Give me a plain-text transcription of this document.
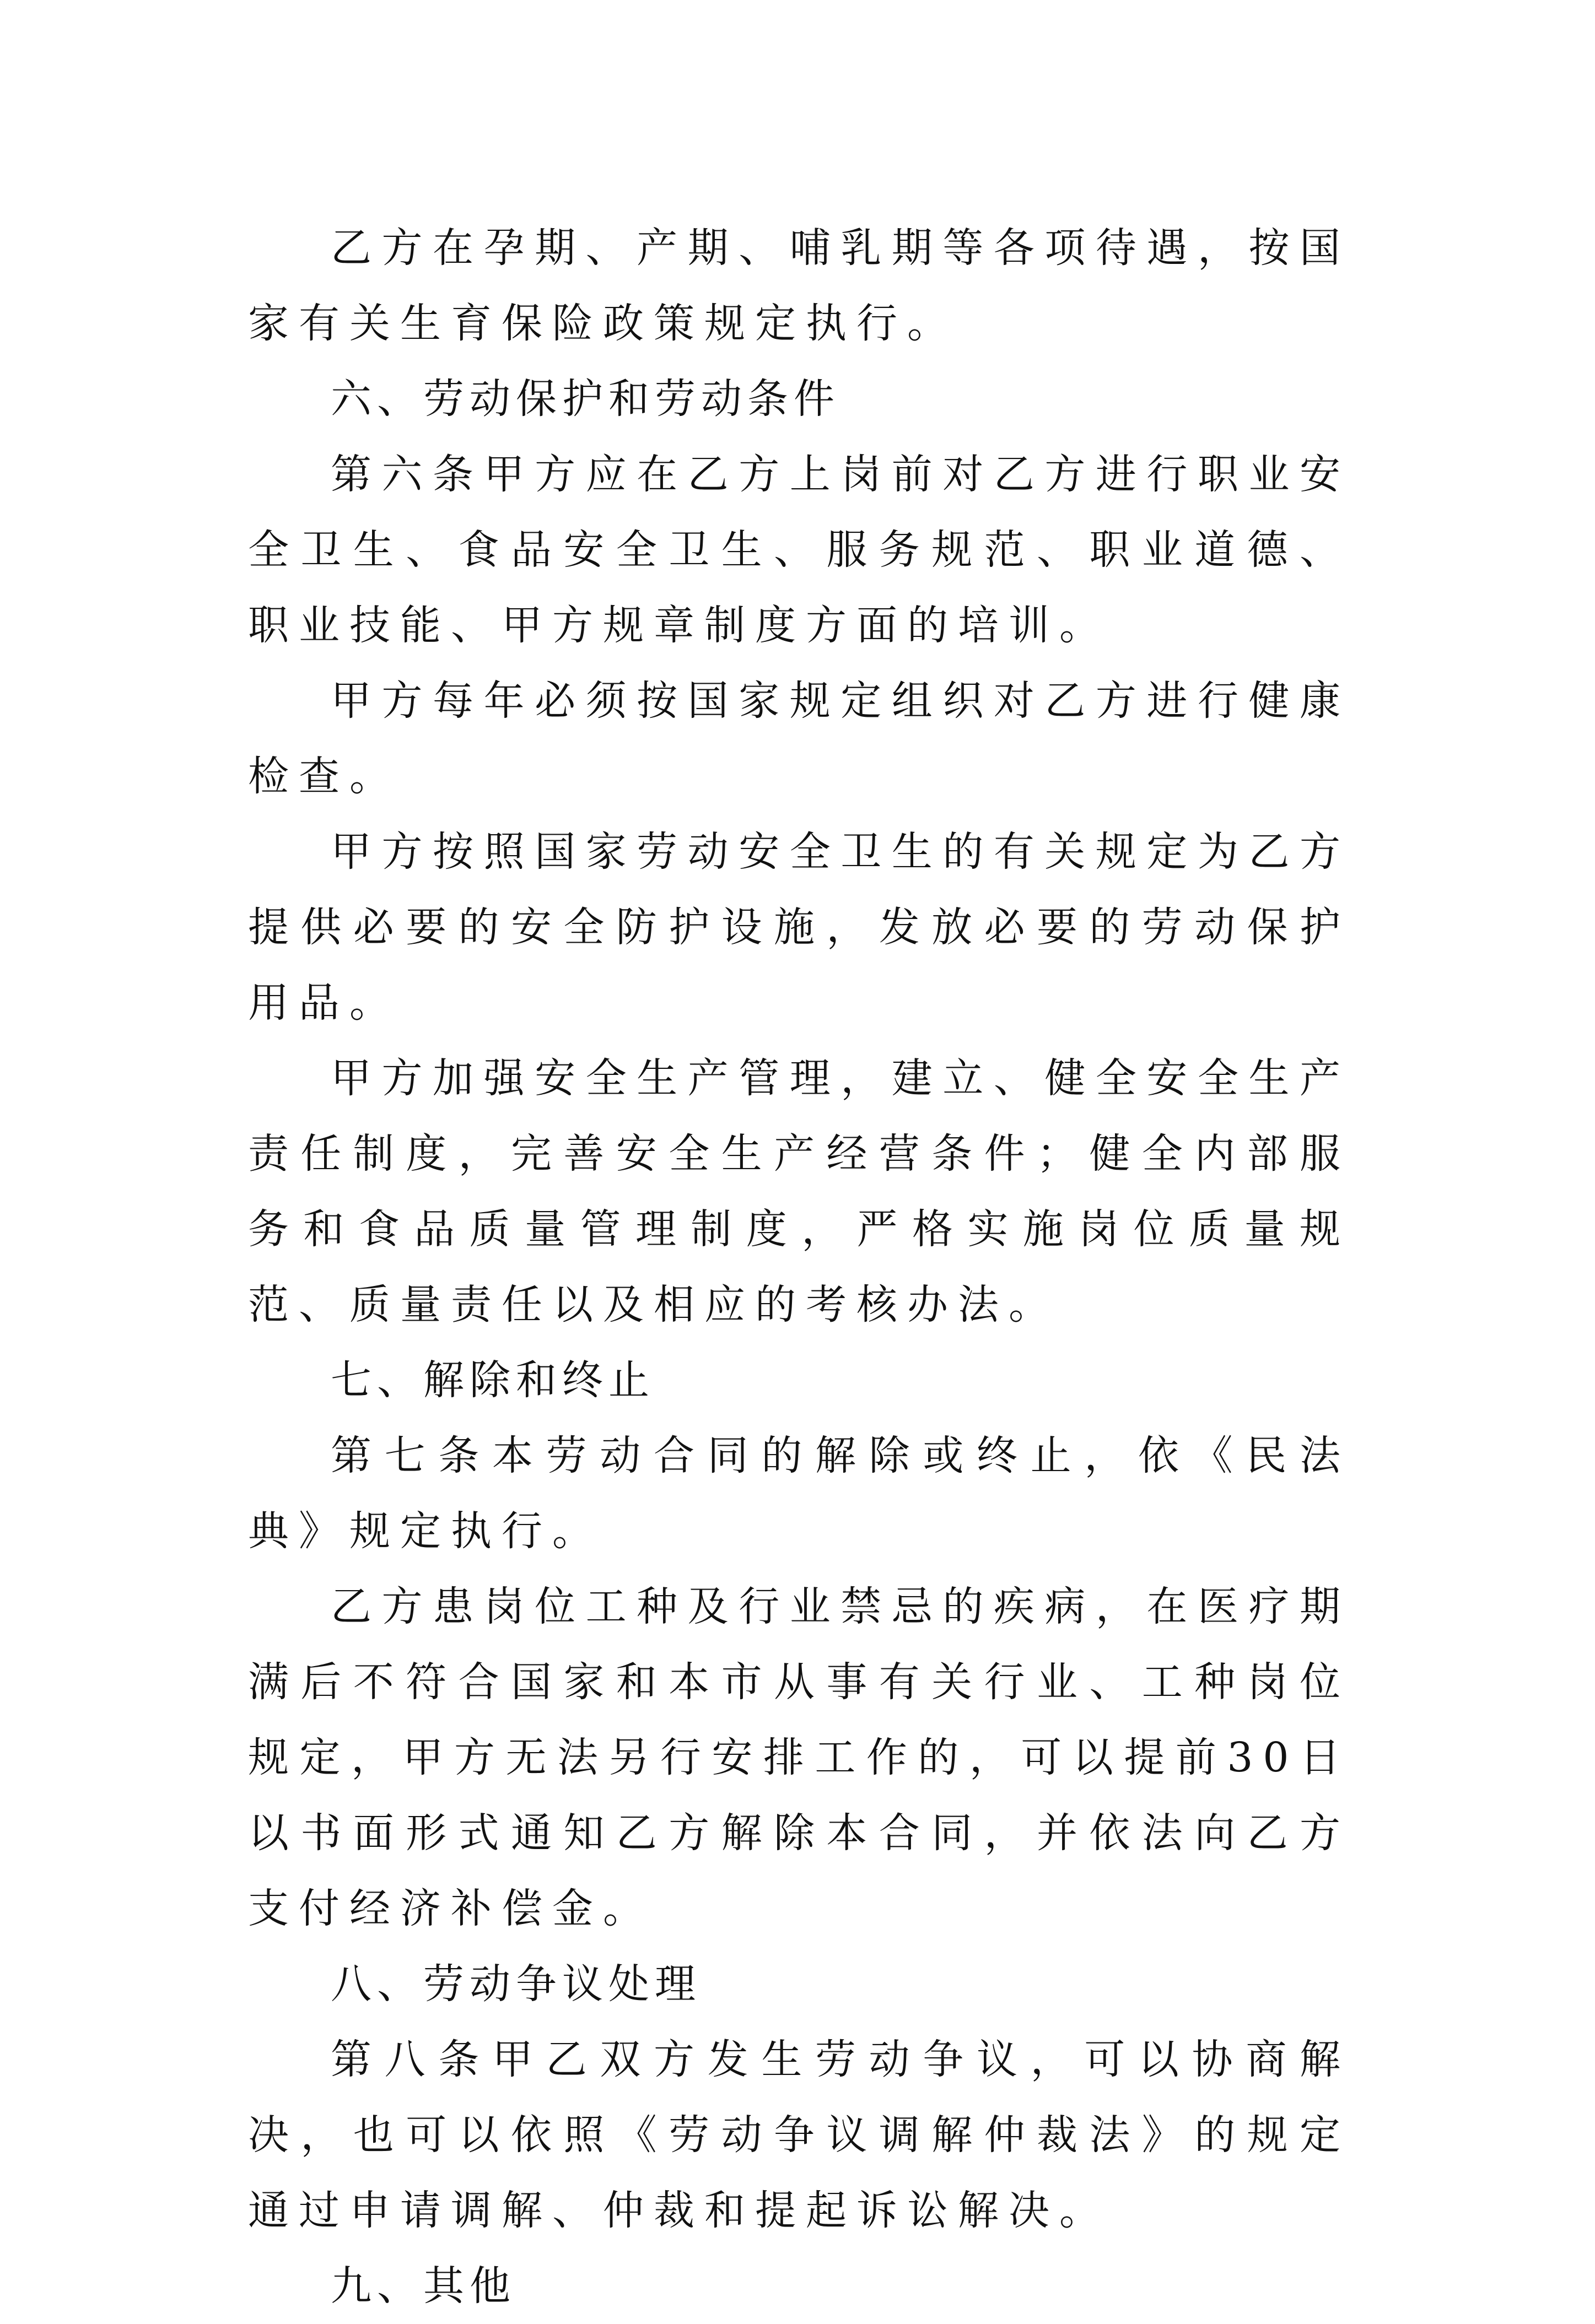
乙方在孕期、产期、哺乳期等各项待遇，按国家有关生育保险政策规定执行。

六、劳动保护和劳动条件

第六条甲方应在乙方上岗前对乙方进行职业安全卫生、食品安全卫生、服务规范、职业道德、职业技能、甲方规章制度方面的培训。

甲方每年必须按国家规定组织对乙方进行健康检查。

甲方按照国家劳动安全卫生的有关规定为乙方提供必要的安全防护设施，发放必要的劳动保护用品。

甲方加强安全生产管理，建立、健全安全生产责任制度，完善安全生产经营条件；健全内部服务和食品质量管理制度，严格实施岗位质量规范、质量责任以及相应的考核办法。

七、解除和终止

第七条本劳动合同的解除或终止，依《民法典》规定执行。

乙方患岗位工种及行业禁忌的疾病，在医疗期满后不符合国家和本市从事有关行业、工种岗位规定，甲方无法另行安排工作的，可以提前30日以书面形式通知乙方解除本合同，并依法向乙方支付经济补偿金。

八、劳动争议处理

第八条甲乙双方发生劳动争议，可以协商解决，也可以依照《劳动争议调解仲裁法》的规定通过申请调解、仲裁和提起诉讼解决。

九、其他
